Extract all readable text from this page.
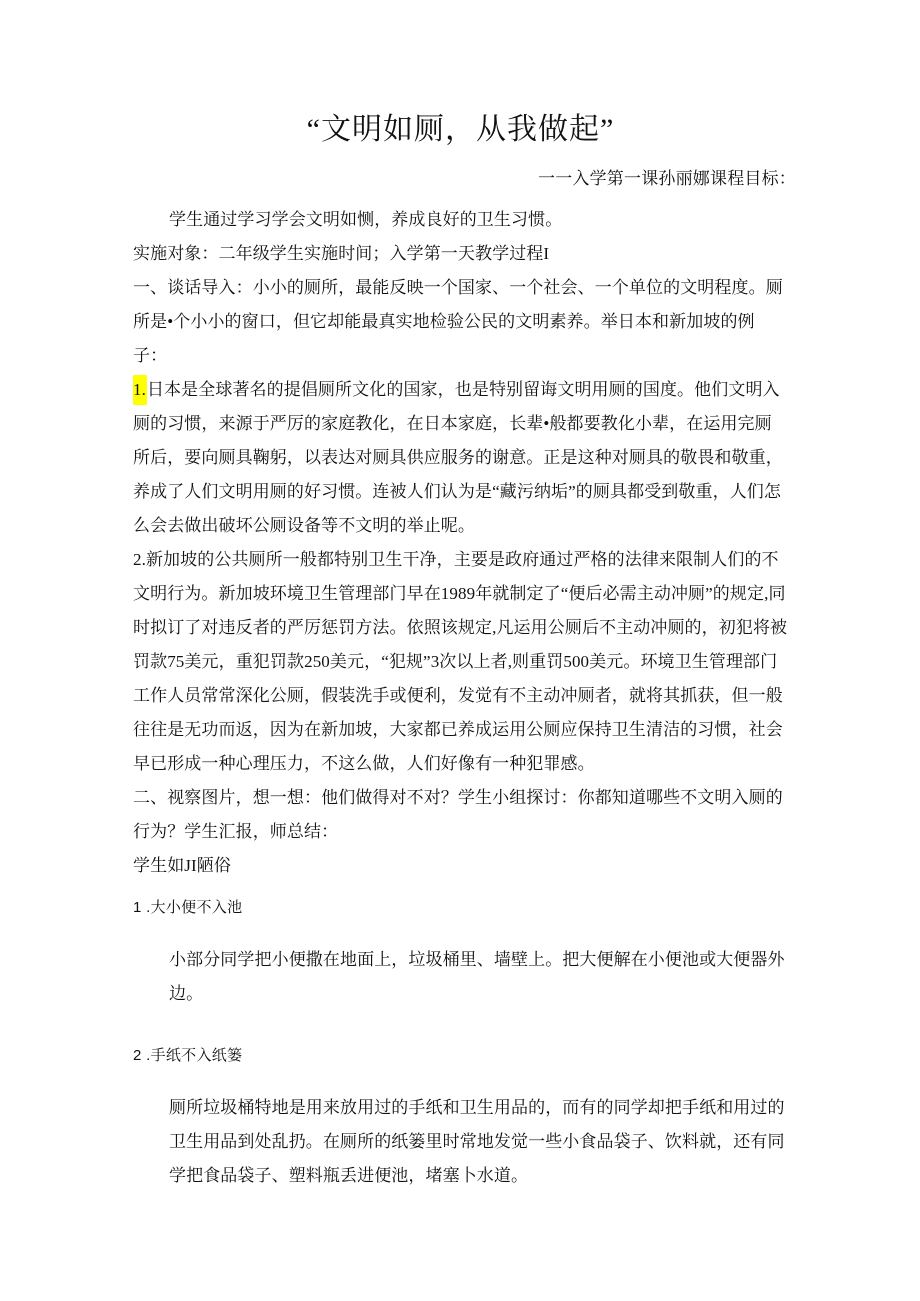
“文明如厕，从我做起”
一一入学第一课孙丽娜课程目标：

学生通过学习学会文明如恻，养成良好的卫生习惯。

实施对象：二年级学生实施时间；入学第一天教学过程I

一、谈话导入：小小的厕所，最能反映一个国家、一个社会、一个单位的文明程度。厕所是•个小小的窗口，但它却能最真实地检验公民的文明素养。举日本和新加坡的例子：

1.日本是全球著名的提倡厕所文化的国家，也是特别留诲文明用厕的国度。他们文明入厕的习惯，来源于严厉的家庭教化，在日本家庭，长辈•般都要教化小辈，在运用完厕所后，要向厕具鞠躬，以表达对厕具供应服务的谢意。正是这种对厕具的敬畏和敬重，养成了人们文明用厕的好习惯。连被人们认为是“藏污纳垢”的厕具都受到敬重，人们怎么会去做出破坏公厕设备等不文明的举止呢。

2.新加坡的公共厕所一般都特别卫生干净，主要是政府通过严格的法律来限制人们的不文明行为。新加坡环境卫生管理部门早在1989年就制定了“便后必需主动冲厕”的规定,同时拟订了对违反者的严厉惩罚方法。依照该规定,凡运用公厕后不主动冲厕的，初犯将被罚款75美元，重犯罚款250美元，“犯规”3次以上者,则重罚500美元。环境卫生管理部门工作人员常常深化公厕，假装洗手或便利，发觉有不主动冲厕者，就将其抓获，但一般往往是无功而返，因为在新加坡，大家都已养成运用公厕应保持卫生清洁的习惯，社会早已形成一种心理压力，不这么做，人们好像有一种犯罪感。

二、视察图片，想一想：他们做得对不对？学生小组探讨：你都知道哪些不文明入厕的行为？学生汇报，师总结：

学生如JI陋俗

1 .大小便不入池

小部分同学把小便撒在地面上，垃圾桶里、墙壁上。把大便解在小便池或大便器外边。

2 .手纸不入纸篓

厕所垃圾桶特地是用来放用过的手纸和卫生用品的，而有的同学却把手纸和用过的卫生用品到处乱扔。在厕所的纸篓里时常地发觉一些小食品袋子、饮料就，还有同学把食品袋子、塑料瓶丢进便池，堵塞卜水道。
